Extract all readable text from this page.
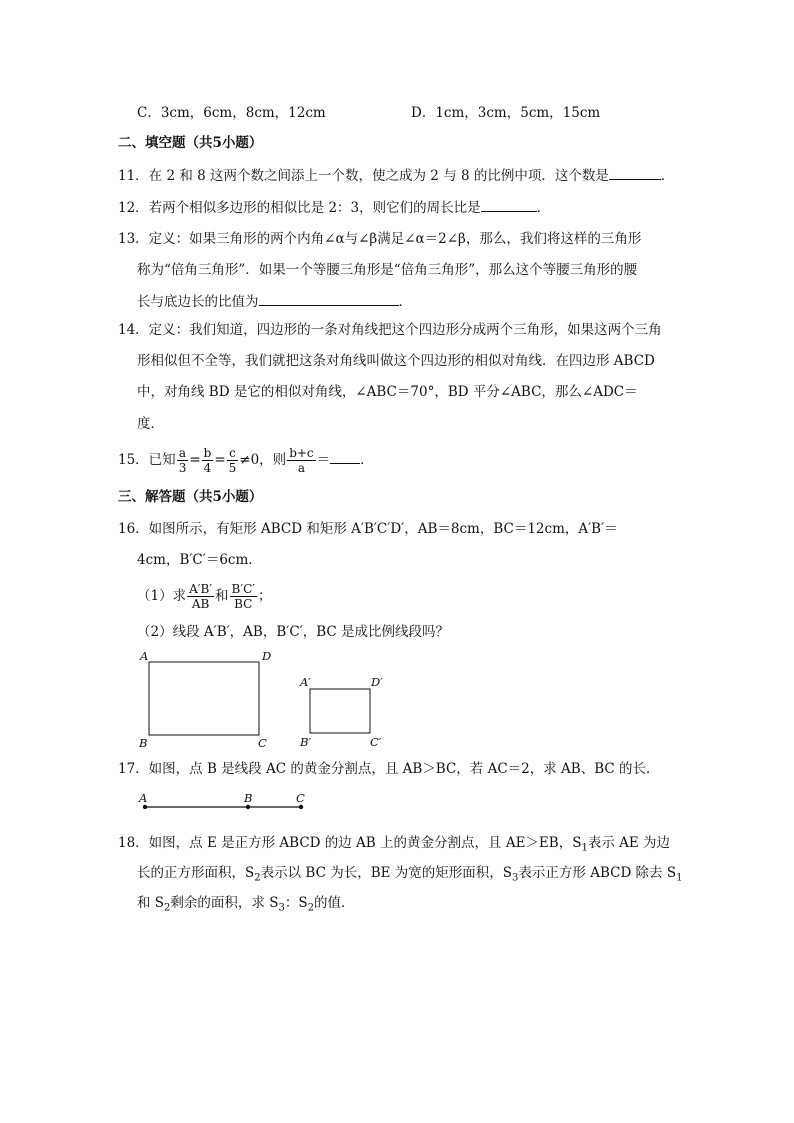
C．3cm，6cm，8cm，12cm	D．1cm，3cm，5cm，15cm
二、填空题（共5小题）
11．在 2 和 8 这两个数之间添上一个数，使之成为 2 与 8 的比例中项．这个数是	．
12．若两个相似多边形的相似比是 2：3，则它们的周长比是	．
13．定义：如果三角形的两个内角∠α与∠β满足∠α＝2∠β，那么，我们将这样的三角形
称为“倍角三角形”．如果一个等腰三角形是“倍角三角形”，那么这个等腰三角形的腰
长与底边长的比值为	．
14．定义：我们知道，四边形的一条对角线把这个四边形分成两个三角形，如果这两个三角
形相似但不全等，我们就把这条对角线叫做这个四边形的相似对角线．在四边形 ABCD
中，对角线 BD 是它的相似对角线，∠ABC＝70°，BD 平分∠ABC，那么∠ADC＝
度．
15．已知 $\frac{a}{3} = \frac{b}{4} = \frac{c}{5} \ne 0$，则 $\frac{b+c}{a}$ ＝ ．
三、解答题（共5小题）
16．如图所示，有矩形 ABCD 和矩形 A′B′C′D′，AB＝8cm，BC＝12cm，A′B′＝
4cm，B′C′＝6cm．
（1）求 $\frac{A'B'}{AB}$ 和 $\frac{B'C'}{BC}$ ；
（2）线段 A′B′，AB，B′C′，BC 是成比例线段吗？
A	D
B	C
A′	D′
B′	C′
17．如图，点 B 是线段 AC 的黄金分割点，且 AB＞BC，若 AC＝2，求 AB、BC 的长．
A	B	C
18．如图，点 E 是正方形 ABCD 的边 AB 上的黄金分割点，且 AE＞EB，$S_1$表示 AE 为边
长的正方形面积，$S_2$表示以 BC 为长，BE 为宽的矩形面积，$S_3$表示正方形 ABCD 除去 $S_1$
和 $S_2$剩余的面积，求 $S_3$：$S_2$的值．
